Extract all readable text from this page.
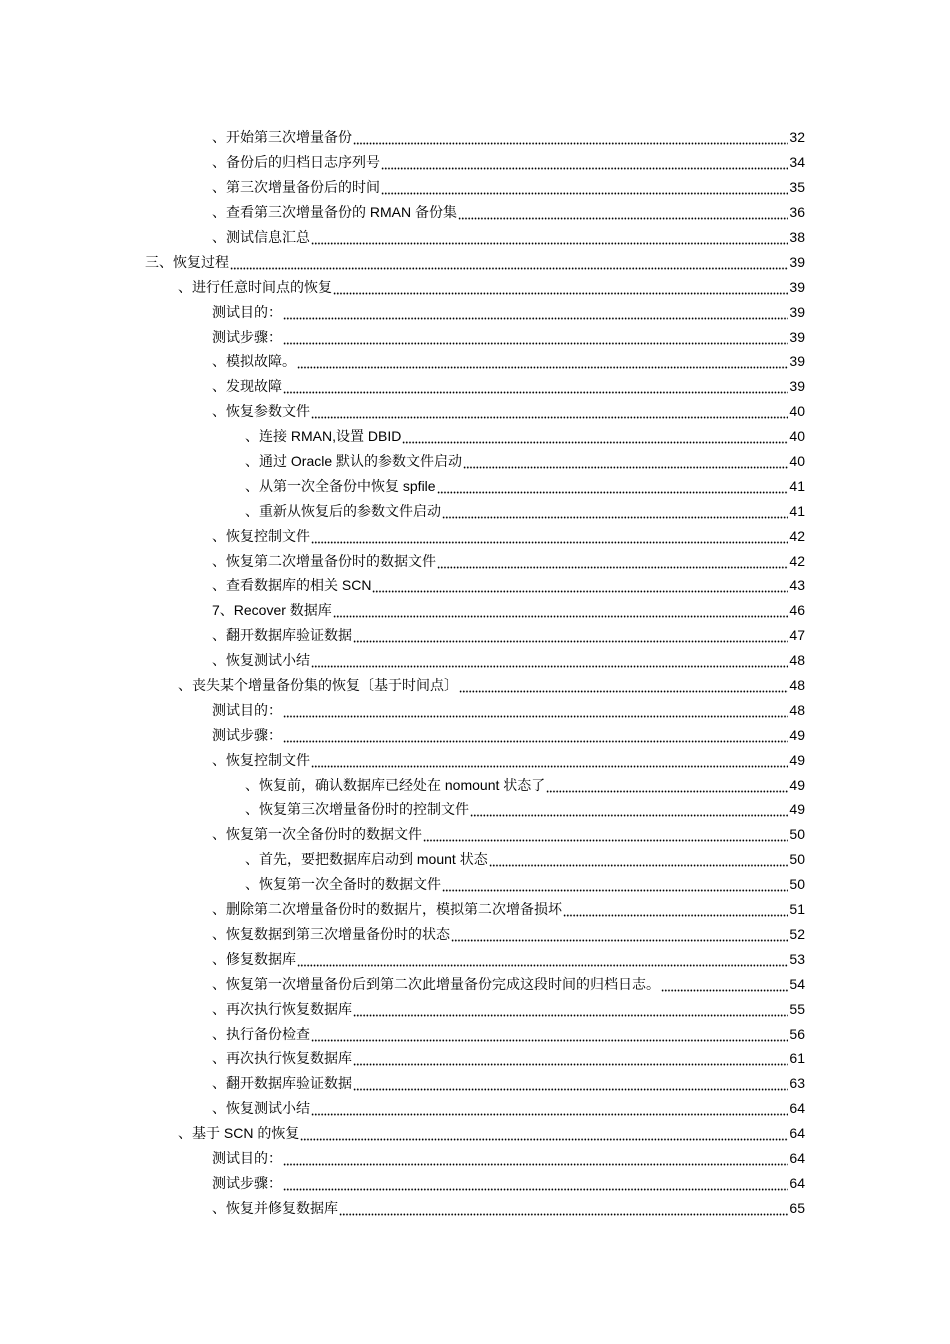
、开始第三次增量备份	32
、备份后的归档日志序列号	34
、第三次增量备份后的时间	35
、查看第三次增量备份的 RMAN 备份集	36
、测试信息汇总	38
三、恢复过程	39
、进行任意时间点的恢复	39
测试目的：	39
测试步骤：	39
、模拟故障。	39
、发现故障	39
、恢复参数文件	40
、连接 RMAN,设置 DBID	40
、通过 Oracle 默认的参数文件启动	40
、从第一次全备份中恢复 spfile	41
、重新从恢复后的参数文件启动	41
、恢复控制文件	42
、恢复第二次增量备份时的数据文件	42
、查看数据库的相关 SCN	43
7、Recover 数据库	46
、翻开数据库验证数据	47
、恢复测试小结	48
、丧失某个增量备份集的恢复〔基于时间点〕	48
测试目的：	48
测试步骤：	49
、恢复控制文件	49
、恢复前，确认数据库已经处在 nomount 状态了	49
、恢复第三次增量备份时的控制文件	49
、恢复第一次全备份时的数据文件	50
、首先，要把数据库启动到 mount 状态	50
、恢复第一次全备时的数据文件	50
、删除第二次增量备份时的数据片，模拟第二次增备损坏	51
、恢复数据到第三次增量备份时的状态	52
、修复数据库	53
、恢复第一次增量备份后到第二次此增量备份完成这段时间的归档日志。	54
、再次执行恢复数据库	55
、执行备份检查	56
、再次执行恢复数据库	61
、翻开数据库验证数据	63
、恢复测试小结	64
、基于 SCN 的恢复	64
测试目的：	64
测试步骤：	64
、恢复并修复数据库	65
